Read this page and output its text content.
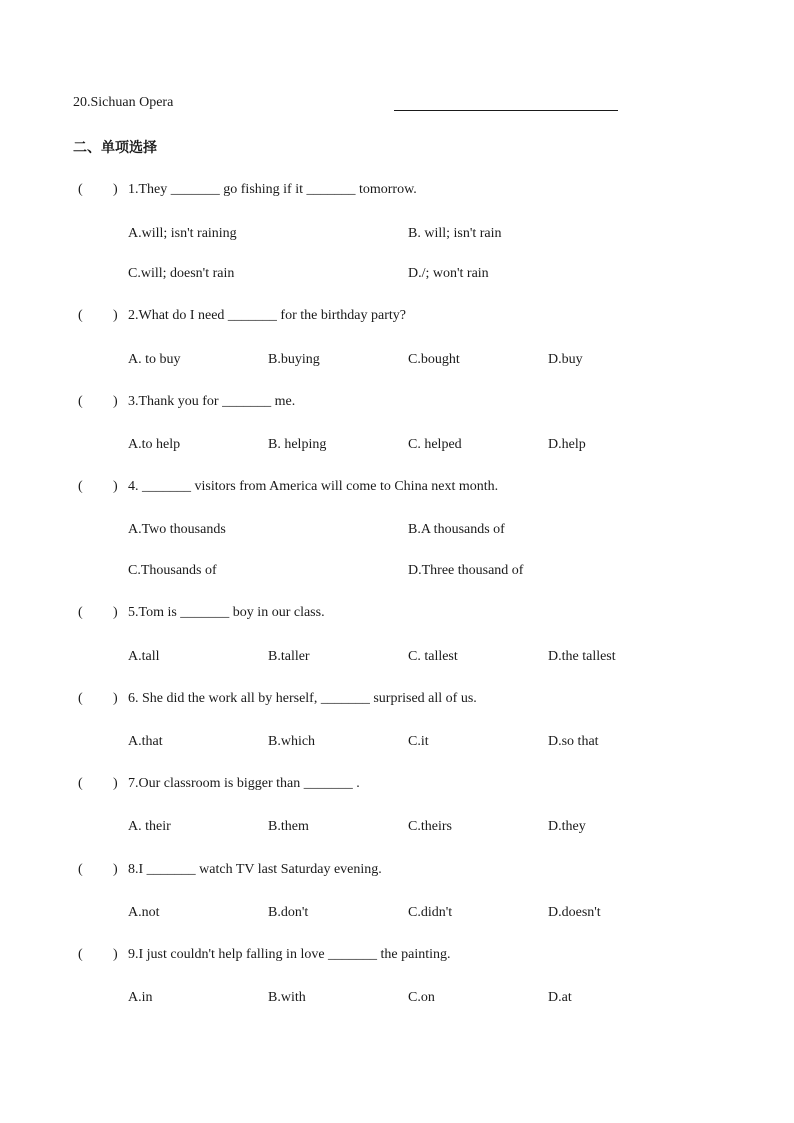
20.Sichuan Opera
二、单项选择
( ) 1.They _______ go fishing if it _______ tomorrow.
A.will; isn't raining	B. will; isn't rain
C.will; doesn't rain	D./; won't rain
( ) 2.What do I need _______ for the birthday party?
A. to buy	B.buying	C.bought	D.buy
( ) 3.Thank you for _______ me.
A.to help	B. helping	C. helped	D.help
( ) 4. _______ visitors from America will come to China next month.
A.Two thousands	B.A thousands of
C.Thousands of	D.Three thousand of
( ) 5.Tom is _______ boy in our class.
A.tall	B.taller	C. tallest	D.the tallest
( ) 6. She did the work all by herself, _______ surprised all of us.
A.that	B.which	C.it	D.so that
( ) 7.Our classroom is bigger than _______ .
A. their	B.them	C.theirs	D.they
( ) 8.I _______ watch TV last Saturday evening.
A.not	B.don't	C.didn't	D.doesn't
( ) 9.I just couldn't help falling in love _______ the painting.
A.in	B.with	C.on	D.at
